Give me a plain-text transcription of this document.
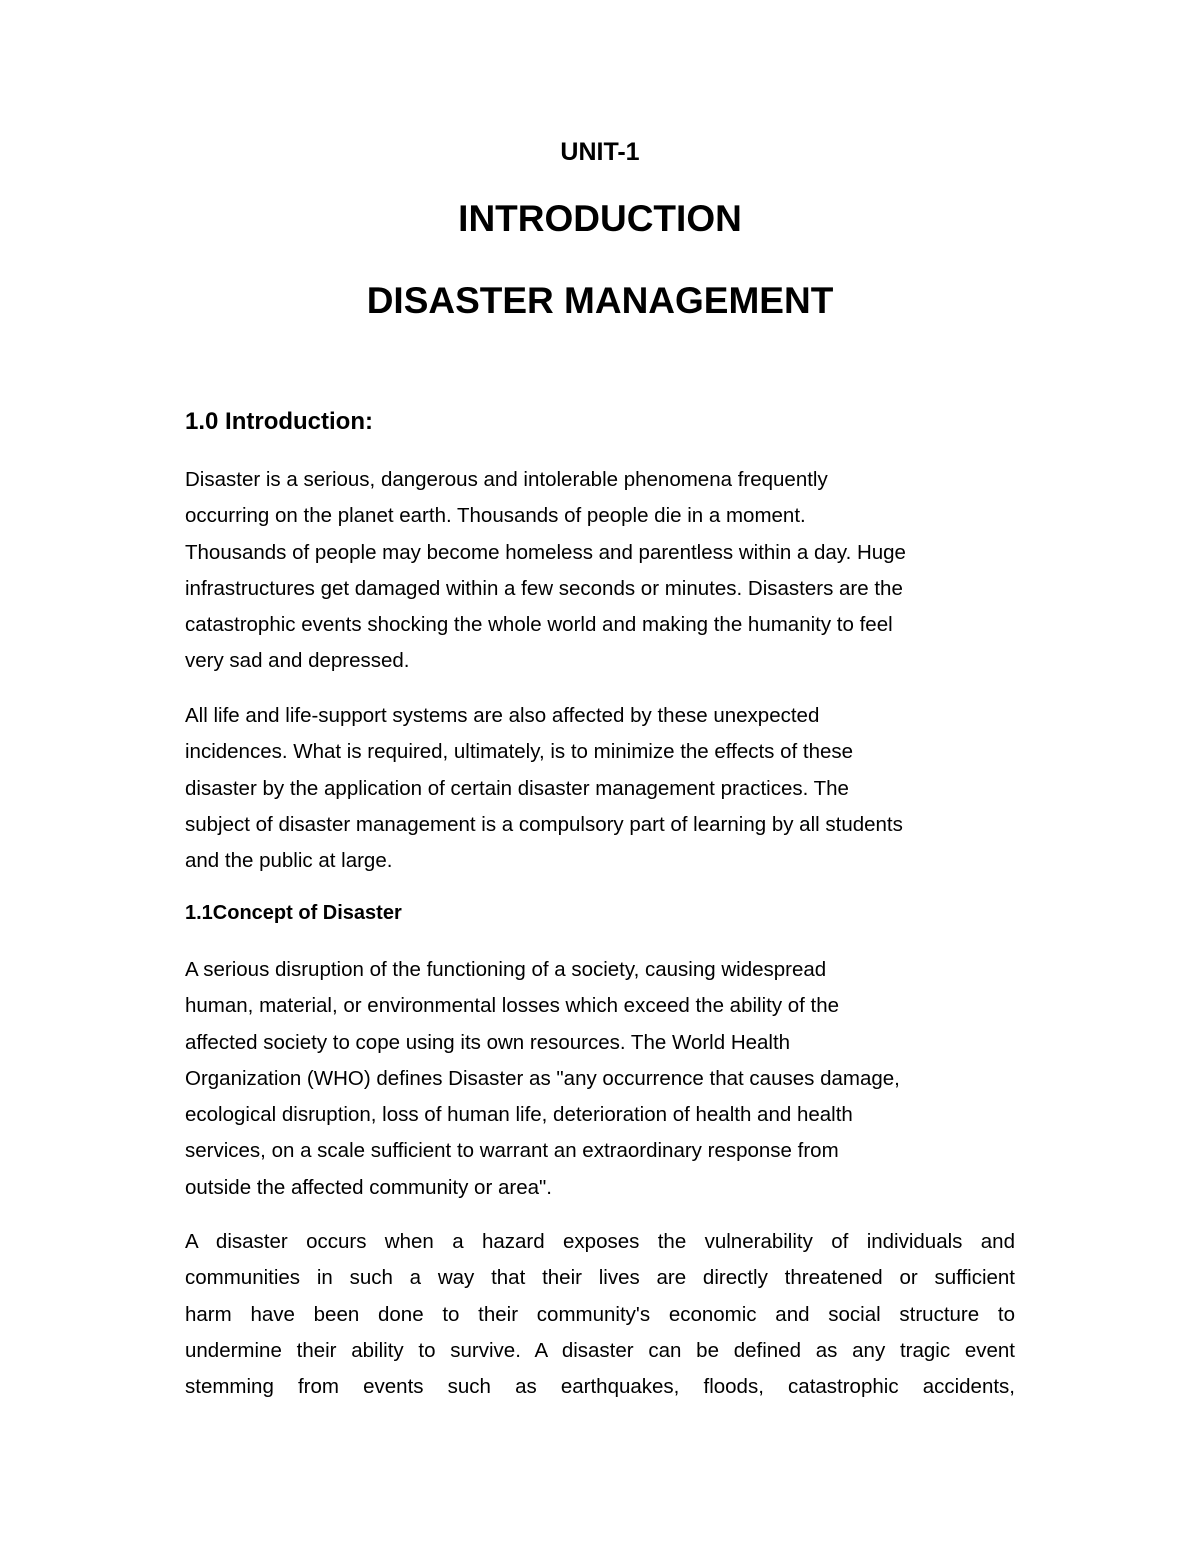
UNIT-1
INTRODUCTION
DISASTER MANAGEMENT
1.0 Introduction:

Disaster is a serious, dangerous and intolerable phenomena frequently
occurring on the planet earth. Thousands of people die in a moment.
Thousands of people may become homeless and parentless within a day. Huge
infrastructures get damaged within a few seconds or minutes. Disasters are the
catastrophic events shocking the whole world and making the humanity to feel
very sad and depressed.

All life and life-support systems are also affected by these unexpected
incidences. What is required, ultimately, is to minimize the effects of these
disaster by the application of certain disaster management practices. The
subject of disaster management is a compulsory part of learning by all students
and the public at large.

1.1Concept of Disaster

A serious disruption of the functioning of a society, causing widespread
human, material, or environmental losses which exceed the ability of the
affected society to cope using its own resources. The World Health
Organization (WHO) defines Disaster as "any occurrence that causes damage,
ecological disruption, loss of human life, deterioration of health and health
services, on a scale sufficient to warrant an extraordinary response from
outside the affected community or area".

A disaster occurs when a hazard exposes the vulnerability of individuals and
communities in such a way that their lives are directly threatened or sufficient
harm have been done to their community's economic and social structure to
undermine their ability to survive. A disaster can be defined as any tragic event
stemming from events such as earthquakes, floods, catastrophic accidents,
